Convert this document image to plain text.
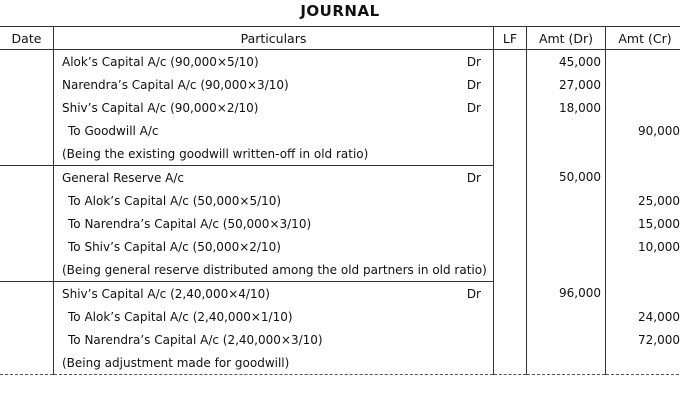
JOURNAL
Date	Particulars	LF	Amt (Dr)	Amt (Cr)

	Alok’s Capital A/c (90,000×5/10) Dr		45,000	

	Narendra’s Capital A/c (90,000×3/10) Dr		27,000	

	Shiv’s Capital A/c (90,000×2/10) Dr		18,000	

	To Goodwill A/c			90,000

	(Being the existing goodwill written-off in old ratio)			

	General Reserve A/c Dr		50,000	

	To Alok’s Capital A/c (50,000×5/10)			25,000

	To Narendra’s Capital A/c (50,000×3/10)			15,000

	To Shiv’s Capital A/c (50,000×2/10)			10,000

	(Being general reserve distributed among the old partners in old ratio)			

	Shiv’s Capital A/c (2,40,000×4/10) Dr		96,000	

	To Alok’s Capital A/c (2,40,000×1/10)			24,000

	To Narendra’s Capital A/c (2,40,000×3/10)			72,000

	(Being adjustment made for goodwill)			
